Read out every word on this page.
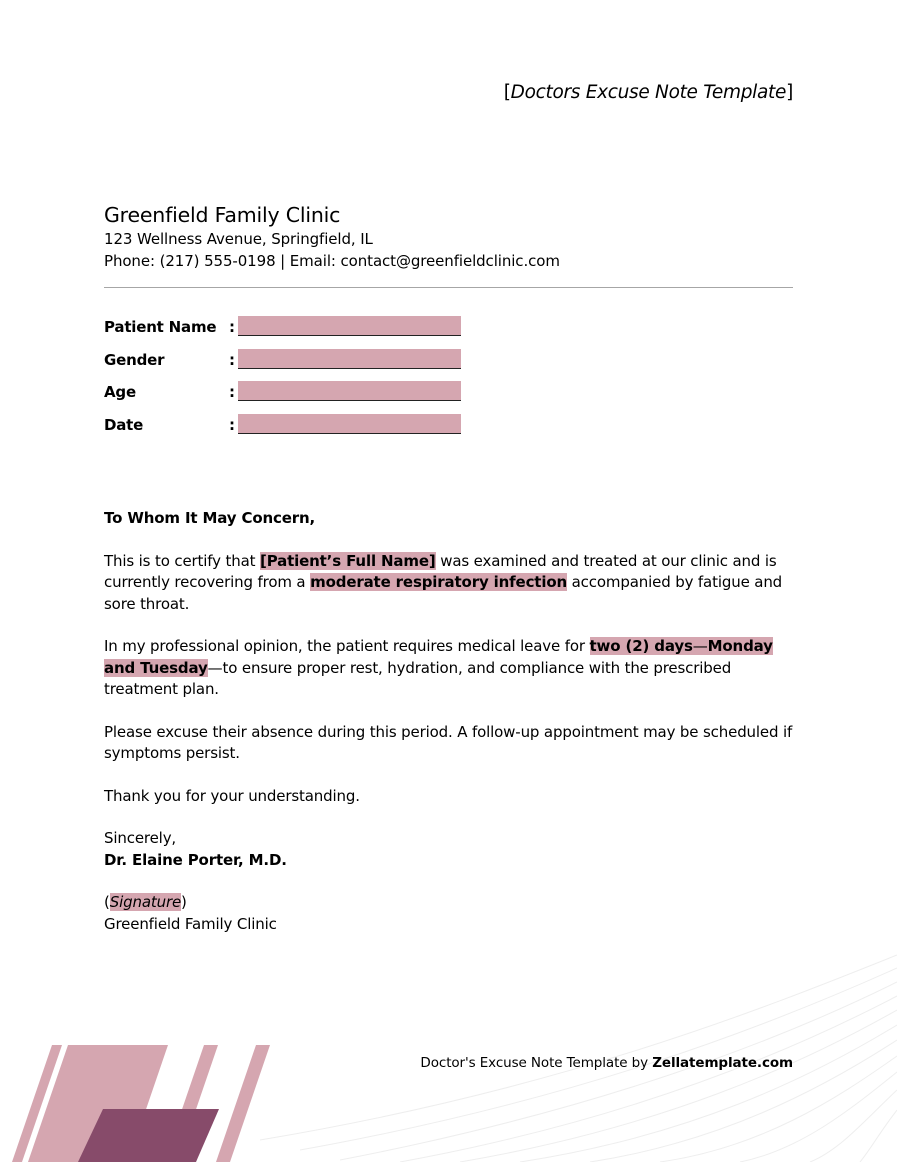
[Doctors Excuse Note Template]
Greenfield Family Clinic
123 Wellness Avenue, Springfield, IL
Phone: (217) 555-0198 | Email: contact@greenfieldclinic.com
Patient Name :
Gender	:
Age	:
Date	:

To Whom It May Concern,

This is to certify that [Patient’s Full Name] was examined and treated at our clinic and is currently recovering from a moderate respiratory infection accompanied by fatigue and sore throat.

In my professional opinion, the patient requires medical leave for two (2) days—Monday and Tuesday—to ensure proper rest, hydration, and compliance with the prescribed treatment plan.

Please excuse their absence during this period. A follow-up appointment may be scheduled if symptoms persist.

Thank you for your understanding.

Sincerely,

Dr. Elaine Porter, M.D.

(Signature)

Greenfield Family Clinic

Doctor's Excuse Note Template by Zellatemplate.com
